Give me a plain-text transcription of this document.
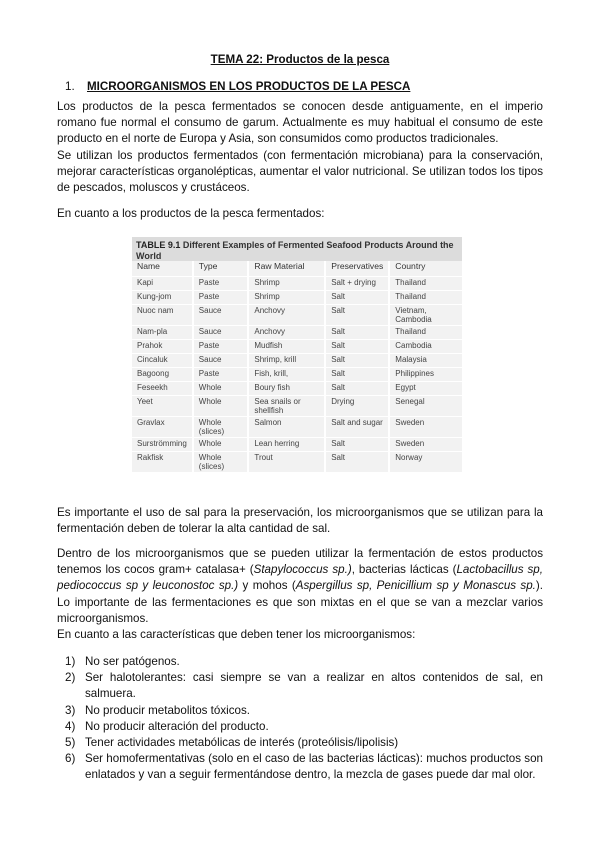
TEMA 22: Productos de la pesca
1. MICROORGANISMOS EN LOS PRODUCTOS DE LA PESCA

Los productos de la pesca fermentados se conocen desde antiguamente, en el imperio romano fue normal el consumo de garum. Actualmente es muy habitual el consumo de este producto en el norte de Europa y Asia, son consumidos como productos tradicionales.

Se utilizan los productos fermentados (con fermentación microbiana) para la conservación, mejorar características organolépticas, aumentar el valor nutricional. Se utilizan todos los tipos de pescados, moluscos y crustáceos.

En cuanto a los productos de la pesca fermentados:

TABLE 9.1 Different Examples of Fermented Seafood Products Around the World
Name	Type	Raw Material	Preservatives	Country
Kapi	Paste	Shrimp	Salt + drying	Thailand
Kung-jom	Paste	Shrimp	Salt	Thailand
Nuoc nam	Sauce	Anchovy	Salt	Vietnam, Cambodia
Nam-pla	Sauce	Anchovy	Salt	Thailand
Prahok	Paste	Mudfish	Salt	Cambodia
Cincaluk	Sauce	Shrimp, krill	Salt	Malaysia
Bagoong	Paste	Fish, krill,	Salt	Philippines
Feseekh	Whole	Boury fish	Salt	Egypt
Yeet	Whole	Sea snails or shellfish	Drying	Senegal
Gravlax	Whole (slices)	Salmon	Salt and sugar	Sweden
Surströmming	Whole	Lean herring	Salt	Sweden
Rakfisk	Whole (slices)	Trout	Salt	Norway

Es importante el uso de sal para la preservación, los microorganismos que se utilizan para la fermentación deben de tolerar la alta cantidad de sal.

Dentro de los microorganismos que se pueden utilizar la fermentación de estos productos tenemos los cocos gram+ catalasa+ (Stapylococcus sp.), bacterias lácticas (Lactobacillus sp, pediococcus sp y leuconostoc sp.) y mohos (Aspergillus sp, Penicillium sp y Monascus sp.). Lo importante de las fermentaciones es que son mixtas en el que se van a mezclar varios microorganismos.

En cuanto a las características que deben tener los microorganismos:

1) No ser patógenos.
2) Ser halotolerantes: casi siempre se van a realizar en altos contenidos de sal, en salmuera.
3) No producir metabolitos tóxicos.
4) No producir alteración del producto.
5) Tener actividades metabólicas de interés (proteólisis/lipolisis)
6) Ser homofermentativas (solo en el caso de las bacterias lácticas): muchos productos son enlatados y van a seguir fermentándose dentro, la mezcla de gases puede dar mal olor.
